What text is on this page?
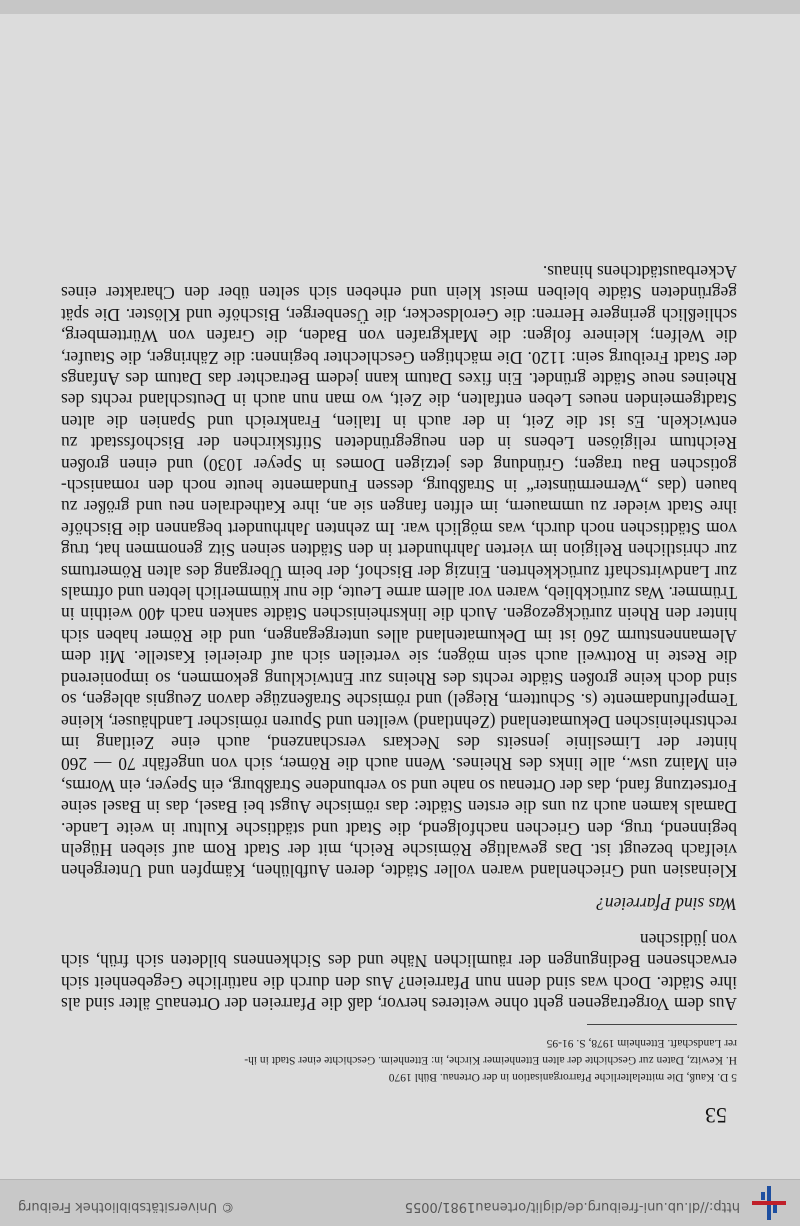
http://dl.ub.uni-freiburg.de/diglit/ortenau1981/0055
© Universitätsbibliothek Freiburg
53
5 D. Kauß, Die mittelalterliche Pfarrorganisation in der Ortenau. Bühl 1970
H. Kewitz, Daten zur Geschichte der alten Ettenheimer Kirche, in: Ettenheim. Geschichte einer Stadt in ih-
rer Landschaft. Ettenheim 1978, S. 91-95

Aus dem Vorgetragenen geht ohne weiteres hervor, daß die Pfarreien der Ortenau5 älter sind als ihre Städte. Doch was sind denn nun Pfarreien? Aus den durch die natürliche Gegebenheit sich erwachsenen Bedingungen der räumlichen Nähe und des Sichkennens bildeten sich früh, sich von jüdischen

Was sind Pfarreien?

Kleinasien und Griechenland waren voller Städte, deren Aufblühen, Kämpfen und Untergehen vielfach bezeugt ist. Das gewaltige Römische Reich, mit der Stadt Rom auf sieben Hügeln beginnend, trug, den Griechen nachfolgend, die Stadt und städtische Kultur in weite Lande. Damals kamen auch zu uns die ersten Städte: das römische Augst bei Basel, das in Basel seine Fortsetzung fand, das der Ortenau so nahe und so verbundene Straßburg, ein Speyer, ein Worms, ein Mainz usw., alle links des Rheines. Wenn auch die Römer, sich von ungefähr 70 — 260 hinter der Limeslinie jenseits des Neckars verschanzend, auch eine Zeitlang im rechtsrheinischen Dekumatenland (Zehntland) weilten und Spuren römischer Landhäuser, kleine Tempelfundamente (s. Schuttern, Riegel) und römische Straßenzüge davon Zeugnis ablegen, so sind doch keine großen Städte rechts des Rheins zur Entwicklung gekommen, so imponierend die Reste in Rottweil auch sein mögen; sie verteilen sich auf dreierlei Kastelle. Mit dem Alemannensturm 260 ist im Dekumatenland alles untergegangen, und die Römer haben sich hinter den Rhein zurückgezogen. Auch die linksrheinischen Städte sanken nach 400 weithin in Trümmer. Was zurückblieb, waren vor allem arme Leute, die nur kümmerlich lebten und oftmals zur Landwirtschaft zurückkehrten. Einzig der Bischof, der beim Übergang des alten Römertums zur christlichen Religion im vierten Jahrhundert in den Städten seinen Sitz genommen hat, trug vom Städtischen noch durch, was möglich war. Im zehnten Jahrhundert begannen die Bischöfe ihre Stadt wieder zu ummauern, im elften fangen sie an, ihre Kathedralen neu und größer zu bauen (das „Wernermünster“ in Straßburg, dessen Fundamente heute noch den romanisch-gotischen Bau tragen; Gründung des jetzigen Domes in Speyer 1030) und einen großen Reichtum religiösen Lebens in den neugegründeten Stiftskirchen der Bischofsstadt zu entwickeln. Es ist die Zeit, in der auch in Italien, Frankreich und Spanien die alten Stadtgemeinden neues Leben entfalten, die Zeit, wo man nun auch in Deutschland rechts des Rheines neue Städte gründet. Ein fixes Datum kann jedem Betrachter das Datum des Anfangs der Stadt Freiburg sein: 1120. Die mächtigen Geschlechter beginnen: die Zähringer, die Staufer, die Welfen; kleinere folgen: die Markgrafen von Baden, die Grafen von Württemberg, schließlich geringere Herren: die Geroldsecker, die Üsenberger, Bischöfe und Klöster. Die spät gegründeten Städte bleiben meist klein und erheben sich selten über den Charakter eines Ackerbaustädtchens hinaus.
